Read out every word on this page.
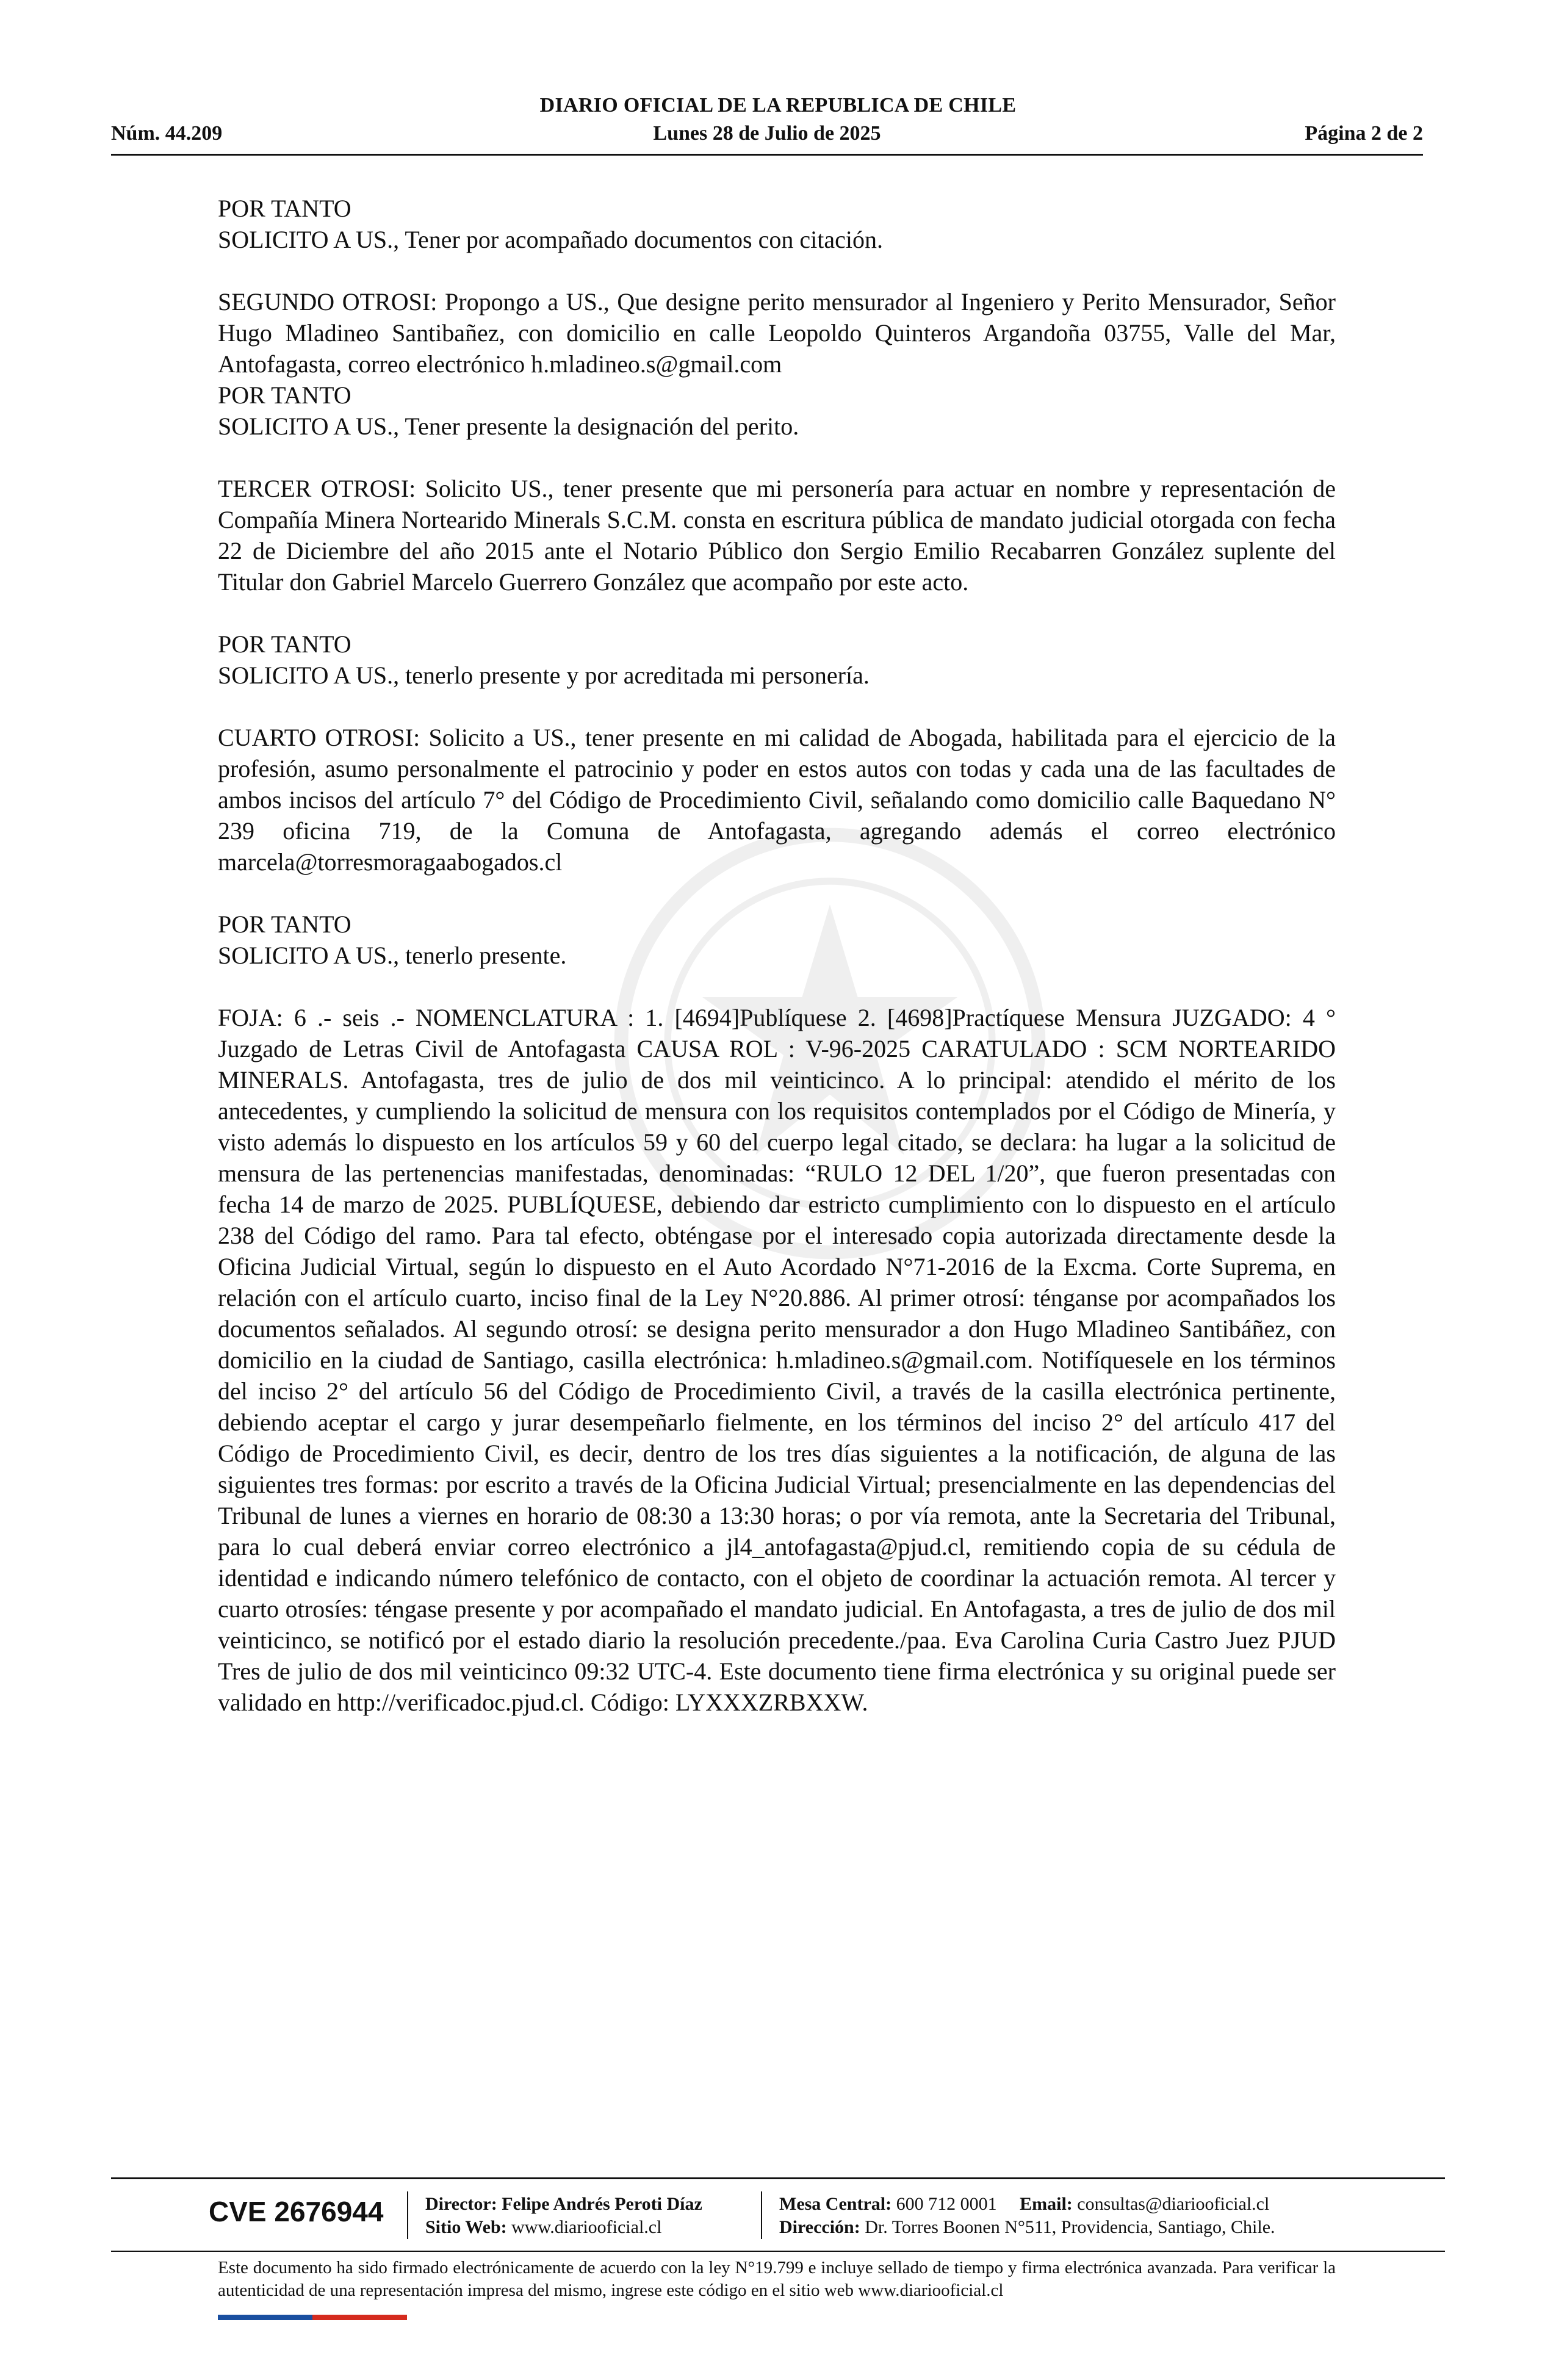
DIARIO OFICIAL DE LA REPUBLICA DE CHILE
Núm. 44.209	Lunes 28 de Julio de 2025	Página 2 de 2

POR TANTO
SOLICITO A US., Tener por acompañado documentos con citación.

SEGUNDO OTROSI: Propongo a US., Que designe perito mensurador al Ingeniero y Perito Mensurador, Señor Hugo Mladineo Santibañez, con domicilio en calle Leopoldo Quinteros Argandoña 03755, Valle del Mar, Antofagasta, correo electrónico h.mladineo.s@gmail.com
POR TANTO
SOLICITO A US., Tener presente la designación del perito.

TERCER OTROSI: Solicito US., tener presente que mi personería para actuar en nombre y representación de Compañía Minera Nortearido Minerals S.C.M. consta en escritura pública de mandato judicial otorgada con fecha 22 de Diciembre del año 2015 ante el Notario Público don Sergio Emilio Recabarren González suplente del Titular don Gabriel Marcelo Guerrero González que acompaño por este acto.

POR TANTO
SOLICITO A US., tenerlo presente y por acreditada mi personería.

CUARTO OTROSI: Solicito a US., tener presente en mi calidad de Abogada, habilitada para el ejercicio de la profesión, asumo personalmente el patrocinio y poder en estos autos con todas y cada una de las facultades de ambos incisos del artículo 7° del Código de Procedimiento Civil, señalando como domicilio calle Baquedano N° 239 oficina 719, de la Comuna de Antofagasta, agregando además el correo electrónico marcela@torresmoragaabogados.cl

POR TANTO
SOLICITO A US., tenerlo presente.

FOJA: 6 .- seis .- NOMENCLATURA : 1. [4694]Publíquese 2. [4698]Practíquese Mensura JUZGADO: 4 ° Juzgado de Letras Civil de Antofagasta CAUSA ROL : V-96-2025 CARATULADO : SCM NORTEARIDO MINERALS. Antofagasta, tres de julio de dos mil veinticinco. A lo principal: atendido el mérito de los antecedentes, y cumpliendo la solicitud de mensura con los requisitos contemplados por el Código de Minería, y visto además lo dispuesto en los artículos 59 y 60 del cuerpo legal citado, se declara: ha lugar a la solicitud de mensura de las pertenencias manifestadas, denominadas: “RULO 12 DEL 1/20”, que fueron presentadas con fecha 14 de marzo de 2025. PUBLÍQUESE, debiendo dar estricto cumplimiento con lo dispuesto en el artículo 238 del Código del ramo. Para tal efecto, obténgase por el interesado copia autorizada directamente desde la Oficina Judicial Virtual, según lo dispuesto en el Auto Acordado N°71-2016 de la Excma. Corte Suprema, en relación con el artículo cuarto, inciso final de la Ley N°20.886. Al primer otrosí: ténganse por acompañados los documentos señalados. Al segundo otrosí: se designa perito mensurador a don Hugo Mladineo Santibáñez, con domicilio en la ciudad de Santiago, casilla electrónica: h.mladineo.s@gmail.com. Notifíquesele en los términos del inciso 2° del artículo 56 del Código de Procedimiento Civil, a través de la casilla electrónica pertinente, debiendo aceptar el cargo y jurar desempeñarlo fielmente, en los términos del inciso 2° del artículo 417 del Código de Procedimiento Civil, es decir, dentro de los tres días siguientes a la notificación, de alguna de las siguientes tres formas: por escrito a través de la Oficina Judicial Virtual; presencialmente en las dependencias del Tribunal de lunes a viernes en horario de 08:30 a 13:30 horas; o por vía remota, ante la Secretaria del Tribunal, para lo cual deberá enviar correo electrónico a jl4_antofagasta@pjud.cl, remitiendo copia de su cédula de identidad e indicando número telefónico de contacto, con el objeto de coordinar la actuación remota. Al tercer y cuarto otrosíes: téngase presente y por acompañado el mandato judicial. En Antofagasta, a tres de julio de dos mil veinticinco, se notificó por el estado diario la resolución precedente./paa. Eva Carolina Curia Castro Juez PJUD Tres de julio de dos mil veinticinco 09:32 UTC-4. Este documento tiene firma electrónica y su original puede ser validado en http://verificadoc.pjud.cl. Código: LYXXXZRBXXW.

CVE 2676944 Director: Felipe Andrés Peroti Díaz
Sitio Web: www.diariooficial.cl
Mesa Central: 600 712 0001 Email: consultas@diariooficial.cl
Dirección: Dr. Torres Boonen N°511, Providencia, Santiago, Chile.
Este documento ha sido firmado electrónicamente de acuerdo con la ley N°19.799 e incluye sellado de tiempo y firma electrónica avanzada. Para verificar la autenticidad de una representación impresa del mismo, ingrese este código en el sitio web www.diariooficial.cl
